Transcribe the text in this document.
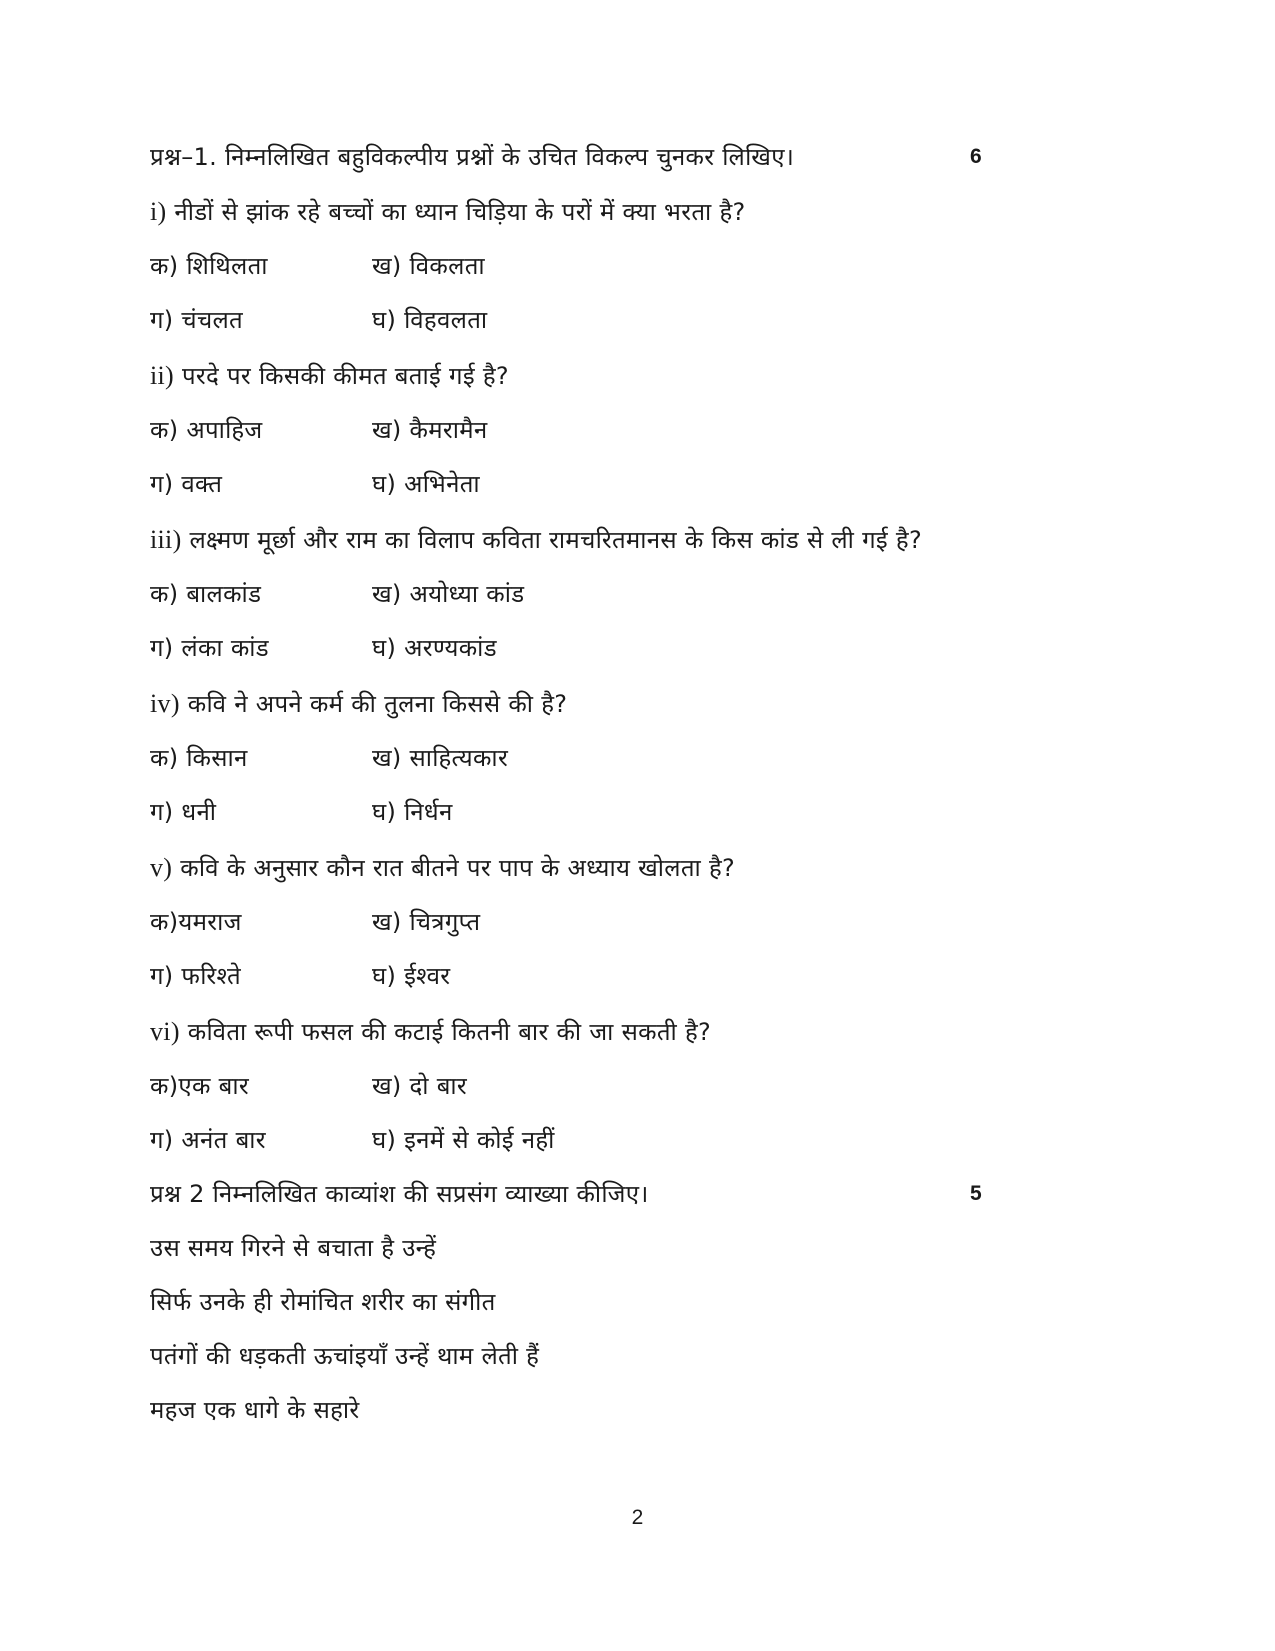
प्रश्न–1. निम्नलिखित बहुविकल्पीय प्रश्नों के उचित विकल्प चुनकर लिखिए।	6
i) नीडों से झांक रहे बच्चों का ध्यान चिड़िया के परों में क्या भरता है?
क) शिथिलता	ख) विकलता
ग) चंचलत	घ) विहवलता
ii) परदे पर किसकी कीमत बताई गई है?
क) अपाहिज	ख) कैमरामैन
ग) वक्त	घ) अभिनेता
iii) लक्ष्मण मूर्छा और राम का विलाप कविता रामचरितमानस के किस कांड से ली गई है?
क) बालकांड	ख) अयोध्या कांड
ग) लंका कांड	घ) अरण्यकांड
iv) कवि ने अपने कर्म की तुलना किससे की है?
क) किसान	ख) साहित्यकार
ग) धनी	घ) निर्धन
v) कवि के अनुसार कौन रात बीतने पर पाप के अध्याय खोलता है?
क)यमराज	ख) चित्रगुप्त
ग) फरिश्ते	घ) ईश्वर
vi) कविता रूपी फसल की कटाई कितनी बार की जा सकती है?
क)एक बार	ख) दो बार
ग) अनंत बार	घ) इनमें से कोई नहीं
प्रश्न 2 निम्नलिखित काव्यांश की सप्रसंग व्याख्या कीजिए।	5
उस समय गिरने से बचाता है उन्हें
सिर्फ उनके ही रोमांचित शरीर का संगीत
पतंगों की धड़कती ऊचांइयाँ उन्हें थाम लेती हैं
महज एक धागे के सहारे
2
